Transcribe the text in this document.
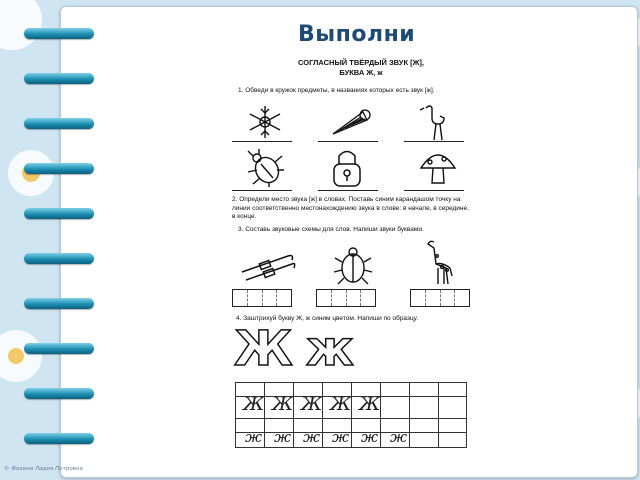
Выполни
СОГЛАСНЫЙ ТВЁРДЫЙ ЗВУК [Ж],
БУКВА Ж, ж
1. Обведи в кружок предметы, в названиях которых есть звук [ж].
2. Определи место звука [ж] в словах. Поставь синим карандашом точку на линии соответственно местонахождению звука в слове: в начале, в середине, в конце.
3. Составь звуковые схемы для слов. Напиши звуки буквами.
4. Заштрихуй букву Ж, ж синим цветом. Напиши по образцу.
Ж ж
Ж Ж Ж Ж Ж
ж ж ж ж ж ж
© Фокина Лидия Петровна
